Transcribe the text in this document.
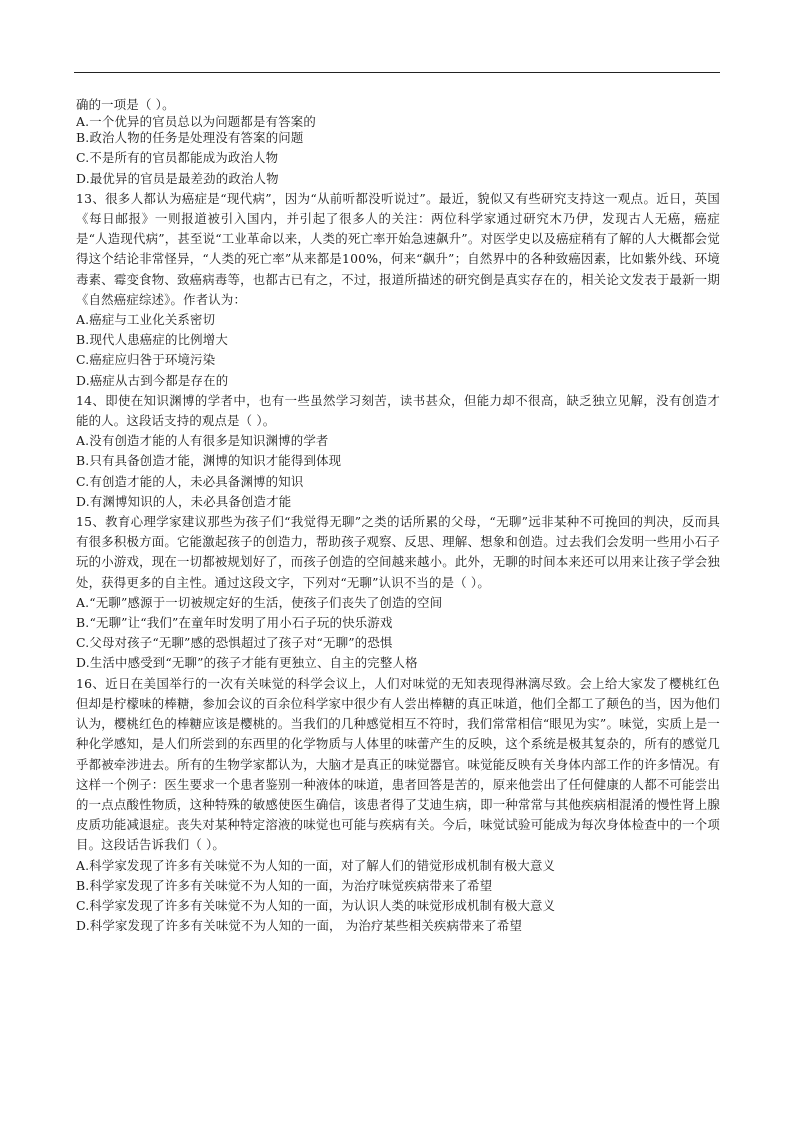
确的一项是（ ）。

A.一个优异的官员总以为问题都是有答案的

B.政治人物的任务是处理没有答案的问题

C.不是所有的官员都能成为政治人物

D.最优异的官员是最差劲的政治人物

13、很多人都认为癌症是“现代病”，因为“从前听都没听说过”。最近，貌似又有些研究支持这一观点。近日，英国《每日邮报》一则报道被引入国内，并引起了很多人的关注：两位科学家通过研究木乃伊，发现古人无癌，癌症是“人造现代病”，甚至说“工业革命以来，人类的死亡率开始急速飙升”。对医学史以及癌症稍有了解的人大概都会觉得这个结论非常怪异，“人类的死亡率”从来都是100%，何来“飙升”；自然界中的各种致癌因素，比如紫外线、环境毒素、霉变食物、致癌病毒等，也都古已有之，不过，报道所描述的研究倒是真实存在的，相关论文发表于最新一期《自然癌症综述》。作者认为：

A.癌症与工业化关系密切

B.现代人患癌症的比例增大

C.癌症应归咎于环境污染

D.癌症从古到今都是存在的

14、即使在知识渊博的学者中，也有一些虽然学习刻苦，读书甚众，但能力却不很高，缺乏独立见解，没有创造才能的人。这段话支持的观点是（ ）。

A.没有创造才能的人有很多是知识渊博的学者

B.只有具备创造才能，渊博的知识才能得到体现

C.有创造才能的人，未必具备渊博的知识

D.有渊博知识的人，未必具备创造才能

15、教育心理学家建议那些为孩子们“我觉得无聊”之类的话所累的父母，“无聊”远非某种不可挽回的判决，反而具有很多积极方面。它能激起孩子的创造力，帮助孩子观察、反思、理解、想象和创造。过去我们会发明一些用小石子玩的小游戏，现在一切都被规划好了，而孩子创造的空间越来越小。此外，无聊的时间本来还可以用来让孩子学会独处，获得更多的自主性。通过这段文字，下列对“无聊”认识不当的是（ ）。

A.“无聊”感源于一切被规定好的生活，使孩子们丧失了创造的空间

B.“无聊”让“我们”在童年时发明了用小石子玩的快乐游戏

C.父母对孩子“无聊”感的恐惧超过了孩子对“无聊”的恐惧

D.生活中感受到“无聊”的孩子才能有更独立、自主的完整人格

16、近日在美国举行的一次有关味觉的科学会议上，人们对味觉的无知表现得淋漓尽致。会上给大家发了樱桃红色但却是柠檬味的棒糖，参加会议的百余位科学家中很少有人尝出棒糖的真正味道，他们全都工了颠色的当，因为他们认为，樱桃红色的棒糖应该是樱桃的。当我们的几种感觉相互不符时，我们常常相信“眼见为实”。味觉，实质上是一种化学感知，是人们所尝到的东西里的化学物质与人体里的味蕾产生的反映，这个系统是极其复杂的，所有的感觉几乎都被牵涉进去。所有的生物学家都认为，大脑才是真正的味觉器官。味觉能反映有关身体内部工作的许多情况。有这样一个例子：医生要求一个患者鉴别一种液体的味道，患者回答是苦的，原来他尝出了任何健康的人都不可能尝出的一点点酸性物质，这种特殊的敏感使医生确信，该患者得了艾迪生病，即一种常常与其他疾病相混淆的慢性肾上腺皮质功能减退症。丧失对某种特定溶液的味觉也可能与疾病有关。今后，味觉试验可能成为每次身体检查中的一个项目。这段话告诉我们（ ）。

A.科学家发现了许多有关味觉不为人知的一面，对了解人们的错觉形成机制有极大意义

B.科学家发现了许多有关味觉不为人知的一面，为治疗味觉疾病带来了希望

C.科学家发现了许多有关味觉不为人知的一面，为认识人类的味觉形成机制有极大意义

D.科学家发现了许多有关味觉不为人知的一面， 为治疗某些相关疾病带来了希望
